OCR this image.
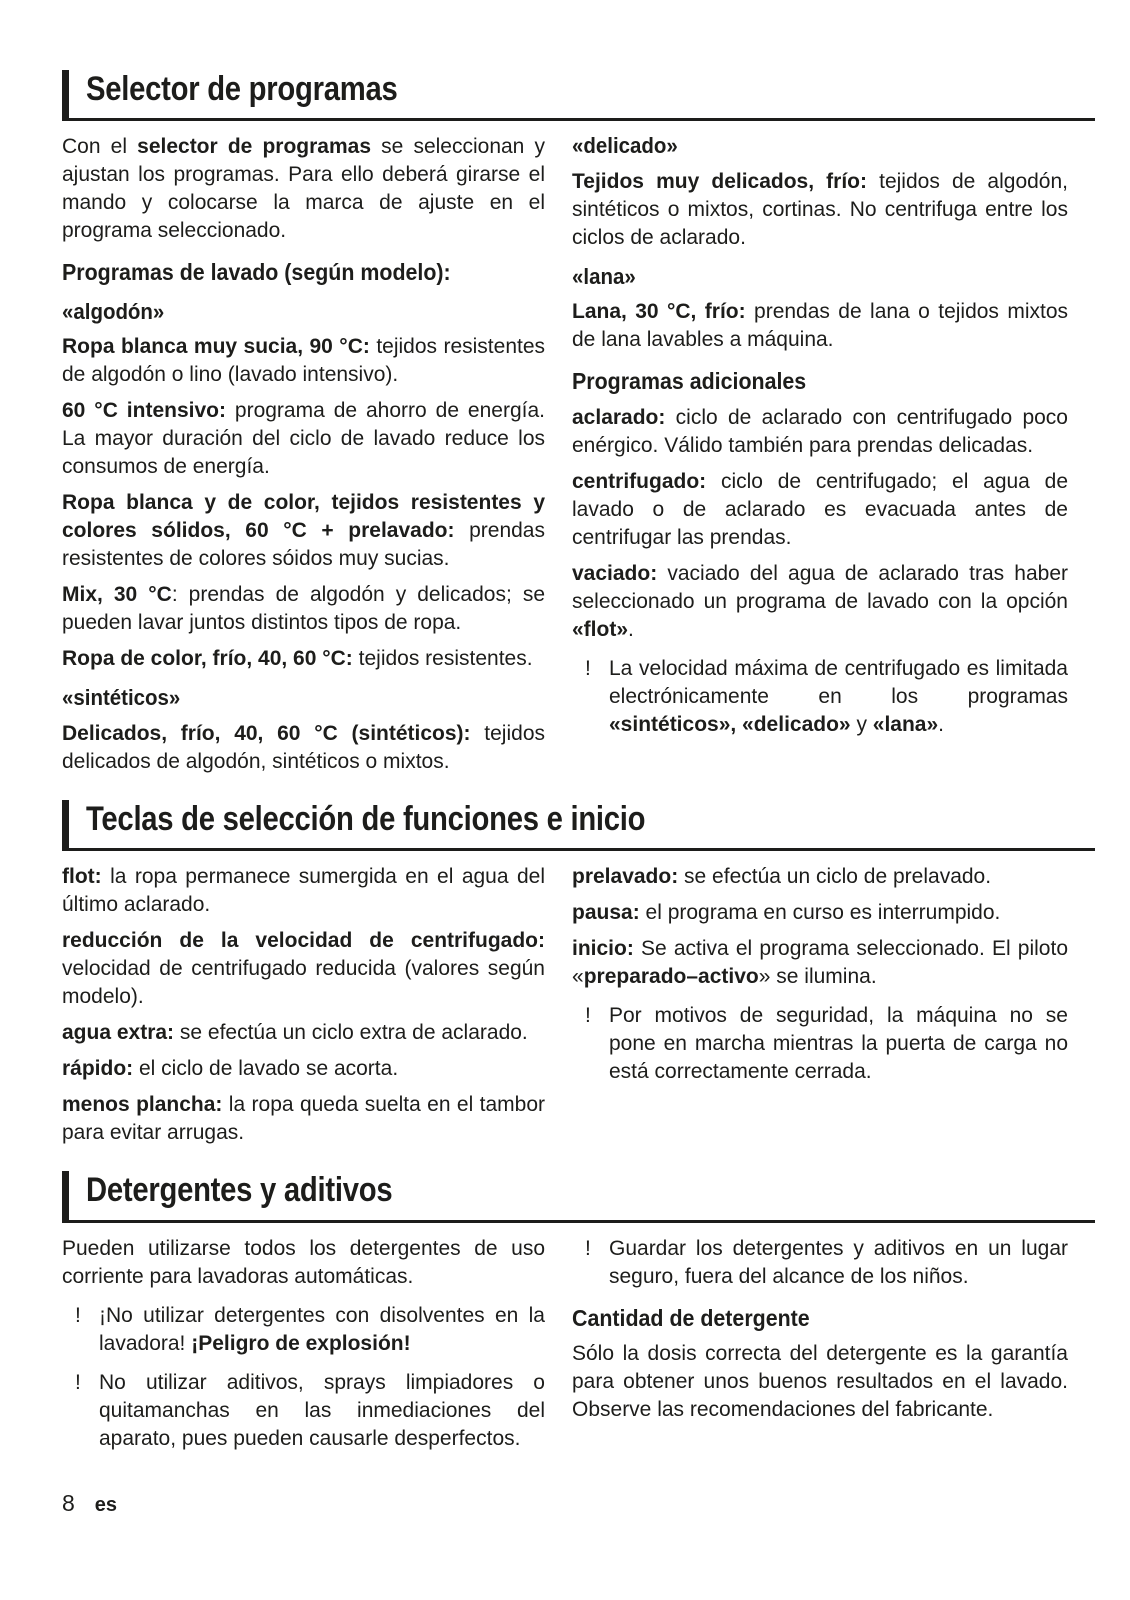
Selector de programas

Con el selector de programas se seleccionan y ajustan los programas. Para ello deberá girarse el mando y colocarse la marca de ajuste en el programa seleccionado.

Programas de lavado (según modelo):
«algodón»

Ropa blanca muy sucia, 90 °C: tejidos resistentes de algodón o lino (lavado intensivo).

60 °C intensivo: programa de ahorro de energía. La mayor duración del ciclo de lavado reduce los consumos de energía.

Ropa blanca y de color, tejidos resistentes y colores sólidos, 60 °C + prelavado: prendas resistentes de colores sóidos muy sucias.

Mix, 30 °C: prendas de algodón y delicados; se pueden lavar juntos distintos tipos de ropa.

Ropa de color, frío, 40, 60 °C: tejidos resistentes.

«sintéticos»

Delicados, frío, 40, 60 °C (sintéticos): tejidos delicados de algodón, sintéticos o mixtos.

«delicado»

Tejidos muy delicados, frío: tejidos de algodón, sintéticos o mixtos, cortinas. No centrifuga entre los ciclos de aclarado.

«lana»

Lana, 30 °C, frío: prendas de lana o tejidos mixtos de lana lavables a máquina.

Programas adicionales

aclarado: ciclo de aclarado con centrifugado poco enérgico. Válido también para prendas delicadas.

centrifugado: ciclo de centrifugado; el agua de lavado o de aclarado es evacuada antes de centrifugar las prendas.

vaciado: vaciado del agua de aclarado tras haber seleccionado un programa de lavado con la opción «flot».

! La velocidad máxima de centrifugado es limitada electrónicamente en los programas «sintéticos», «delicado» y «lana».
Teclas de selección de funciones e inicio

flot: la ropa permanece sumergida en el agua del último aclarado.

reducción de la velocidad de centrifugado: velocidad de centrifugado reducida (valores según modelo).

agua extra: se efectúa un ciclo extra de aclarado.

rápido: el ciclo de lavado se acorta.

menos plancha: la ropa queda suelta en el tambor para evitar arrugas.

prelavado: se efectúa un ciclo de prelavado.

pausa: el programa en curso es interrumpido.

inicio: Se activa el programa seleccionado. El piloto «preparado–activo» se ilumina.

! Por motivos de seguridad, la máquina no se pone en marcha mientras la puerta de carga no está correctamente cerrada.
Detergentes y aditivos

Pueden utilizarse todos los detergentes de uso corriente para lavadoras automáticas.

! ¡No utilizar detergentes con disolventes en la lavadora! ¡Peligro de explosión!
! No utilizar aditivos, sprays limpiadores o quitamanchas en las inmediaciones del aparato, pues pueden causarle desperfectos.
! Guardar los detergentes y aditivos en un lugar seguro, fuera del alcance de los niños.
Cantidad de detergente

Sólo la dosis correcta del detergente es la garantía para obtener unos buenos resultados en el lavado. Observe las recomendaciones del fabricante.

8 es
